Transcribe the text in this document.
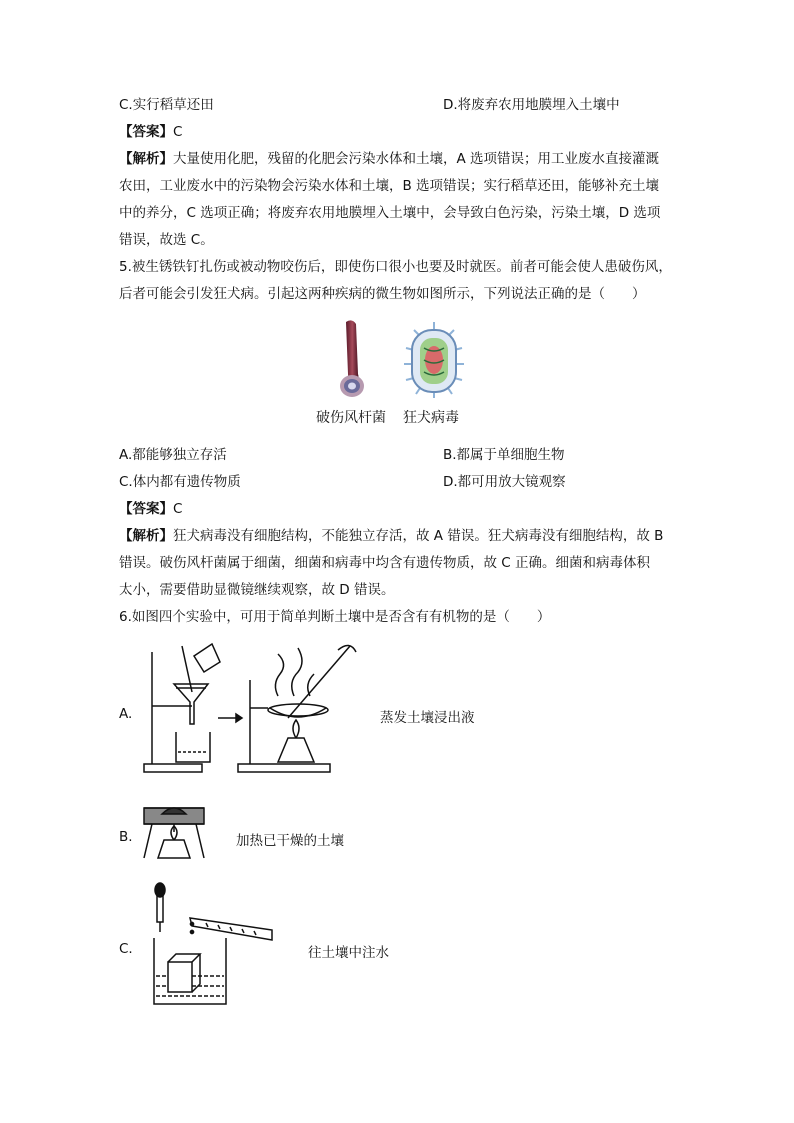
C.实行稻草还田	D.将废弃农用地膜埋入土壤中
【答案】C
【解析】大量使用化肥，残留的化肥会污染水体和土壤，A 选项错误；用工业废水直接灌溉
农田，工业废水中的污染物会污染水体和土壤，B 选项错误；实行稻草还田，能够补充土壤
中的养分，C 选项正确；将废弃农用地膜埋入土壤中，会导致白色污染，污染土壤，D 选项
错误，故选 C。
5.被生锈铁钉扎伤或被动物咬伤后，即使伤口很小也要及时就医。前者可能会使人患破伤风，
后者可能会引发狂犬病。引起这两种疾病的微生物如图所示，下列说法正确的是（　　）
破伤风杆菌 狂犬病毒
A.都能够独立存活	B.都属于单细胞生物
C.体内都有遗传物质	D.都可用放大镜观察
【答案】C
【解析】狂犬病毒没有细胞结构，不能独立存活，故 A 错误。狂犬病毒没有细胞结构，故 B
错误。破伤风杆菌属于细菌，细菌和病毒中均含有遗传物质，故 C 正确。细菌和病毒体积
太小，需要借助显微镜继续观察，故 D 错误。
6.如图四个实验中，可用于简单判断土壤中是否含有有机物的是（　　）
A.	蒸发土壤浸出液
B.	加热已干燥的土壤
C.	往土壤中注水
